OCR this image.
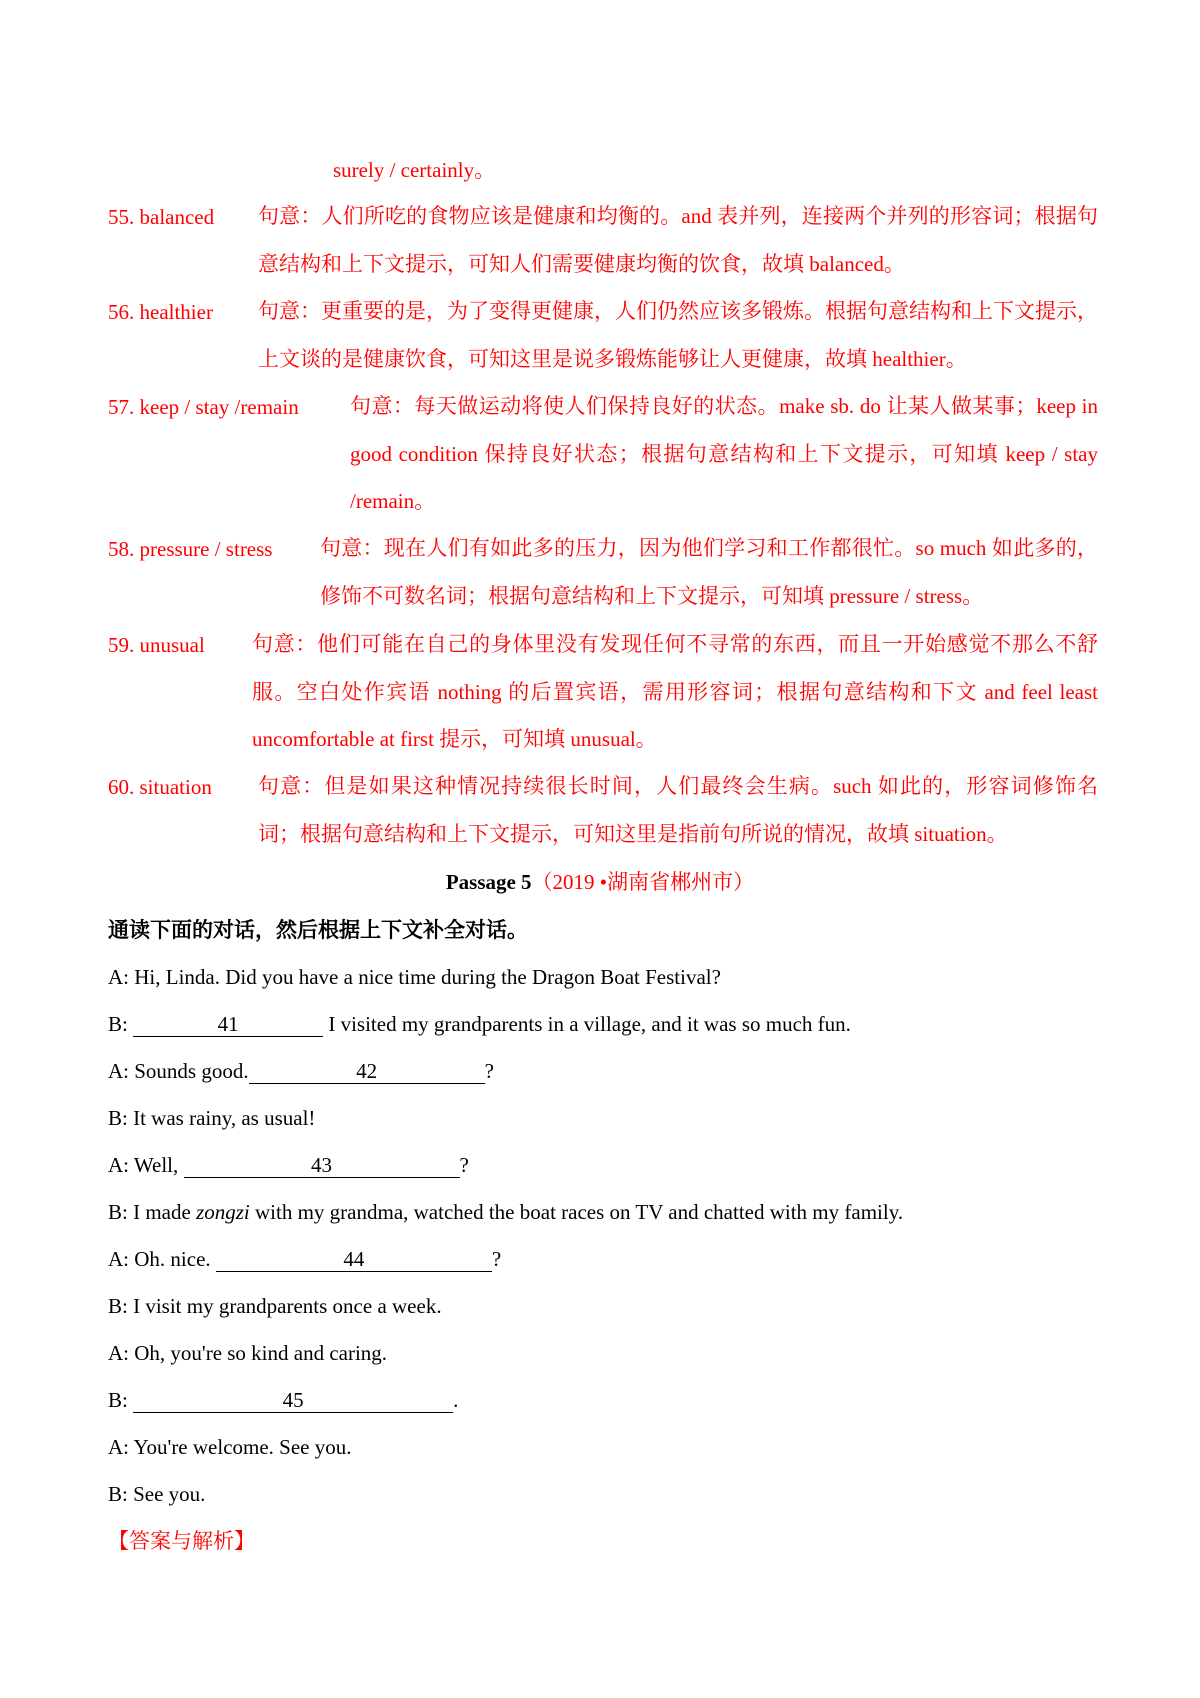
surely / certainly。
55. balanced 句意：人们所吃的食物应该是健康和均衡的。and 表并列，连接两个并列的形容词；根据句意结构和上下文提示，可知人们需要健康均衡的饮食，故填 balanced。
56. healthier 句意：更重要的是，为了变得更健康，人们仍然应该多锻炼。根据句意结构和上下文提示，上文谈的是健康饮食，可知这里是说多锻炼能够让人更健康，故填 healthier。
57. keep / stay /remain 句意：每天做运动将使人们保持良好的状态。make sb. do 让某人做某事；keep in good condition 保持良好状态；根据句意结构和上下文提示，可知填 keep / stay /remain。
58. pressure / stress 句意：现在人们有如此多的压力，因为他们学习和工作都很忙。so much 如此多的，修饰不可数名词；根据句意结构和上下文提示，可知填 pressure / stress。
59. unusual 句意：他们可能在自己的身体里没有发现任何不寻常的东西，而且一开始感觉不那么不舒服。空白处作宾语 nothing 的后置宾语，需用形容词；根据句意结构和下文 and feel least uncomfortable at first 提示，可知填 unusual。
60. situation 句意：但是如果这种情况持续很长时间，人们最终会生病。such 如此的，形容词修饰名词；根据句意结构和上下文提示，可知这里是指前句所说的情况，故填 situation。
Passage 5（2019 •湖南省郴州市）
通读下面的对话，然后根据上下文补全对话。
A: Hi, Linda. Did you have a nice time during the Dragon Boat Festival?
B:	41	I visited my grandparents in a village, and it was so much fun.
A: Sounds good.	42	?
B: It was rainy, as usual!
A: Well,	43	?
B: I made zongzi with my grandma, watched the boat races on TV and chatted with my family.
A: Oh. nice.	44	?
B: I visit my grandparents once a week.
A: Oh, you're so kind and caring.
B:	45	.
A: You're welcome. See you.
B: See you.
【答案与解析】
